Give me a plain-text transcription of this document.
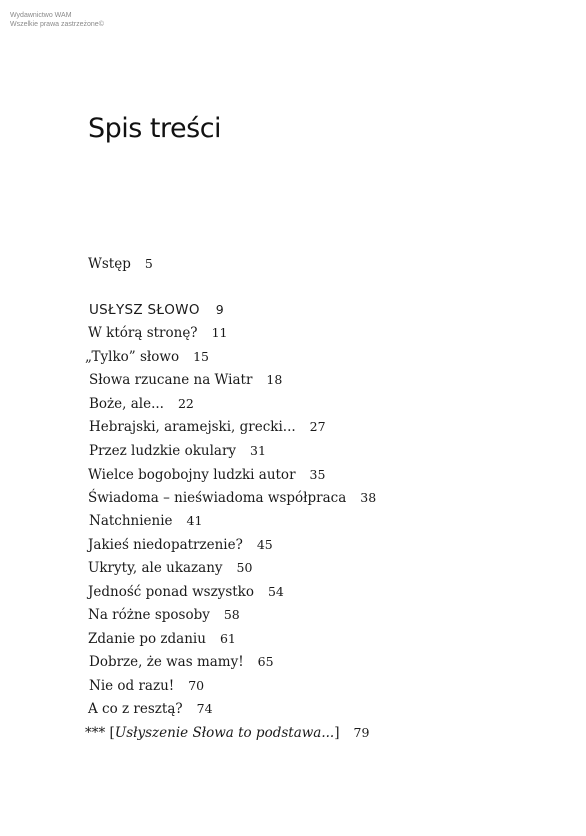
Wydawnictwo WAM
Wszelkie prawa zastrzeżone©
Spis treści
Wstęp 5
USŁYSZ SŁOWO 9
W którą stronę? 11
„Tylko” słowo 15
Słowa rzucane na Wiatr 18
Boże, ale... 22
Hebrajski, aramejski, grecki... 27
Przez ludzkie okulary 31
Wielce bogobojny ludzki autor 35
Świadoma – nieświadoma współpraca 38
Natchnienie 41
Jakieś niedopatrzenie? 45
Ukryty, ale ukazany 50
Jedność ponad wszystko 54
Na różne sposoby 58
Zdanie po zdaniu 61
Dobrze, że was mamy! 65
Nie od razu! 70
A co z resztą? 74
*** [Usłyszenie Słowa to podstawa...] 79
